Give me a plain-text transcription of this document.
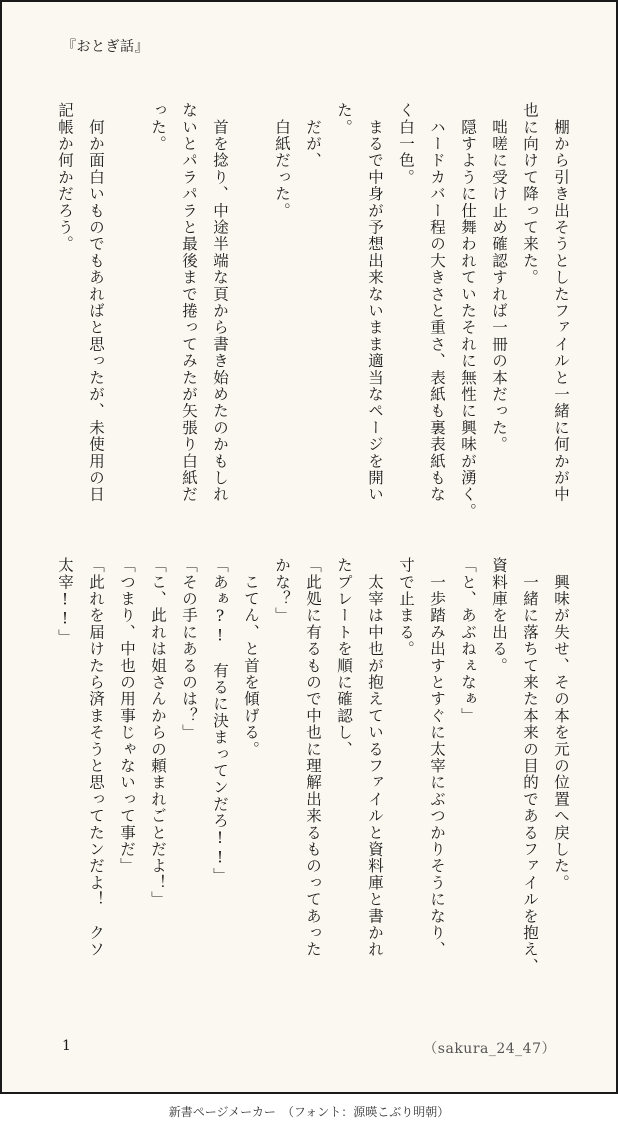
『おとぎ話』
　棚から引き出そうとしたファイルと一緒に何かが中
也に向けて降って来た。
　咄嗟に受け止め確認すれば一冊の本だった。
　隠すように仕舞われていたそれに無性に興味が湧く。
　ハードカバー程の大きさと重さ、表紙も裏表紙もな
く白一色。
　まるで中身が予想出来ないまま適当なページを開い
た。
　だが、
　白紙だった。

　首を捻り、中途半端な頁から書き始めたのかもしれ
ないとパラパラと最後まで捲ってみたが矢張り白紙だ
った。

　何か面白いものでもあればと思ったが、未使用の日
記帳か何かだろう。
　興味が失せ、その本を元の位置へ戻した。
　一緒に落ちて来た本来の目的であるファイルを抱え、
資料庫を出る。
「と、あぶねぇなぁ」
　一歩踏み出すとすぐに太宰にぶつかりそうになり、
寸で止まる。
　太宰は中也が抱えているファイルと資料庫と書かれ
たプレートを順に確認し、
「此処に有るもので中也に理解出来るものってあった
かな？」
　こてん、と首を傾げる。
「あぁ?!　有るに決まってンだろ!!」
「その手にあるのは？」
「こ、此れは姐さんからの頼まれごとだよ！」
「つまり、中也の用事じゃないって事だ」
「此れを届けたら済まそうと思ってたンだよ！　クソ
太宰!!」
1	（sakura_24_47）
新書ページメーカー　（フォント：源暎こぶり明朝）
